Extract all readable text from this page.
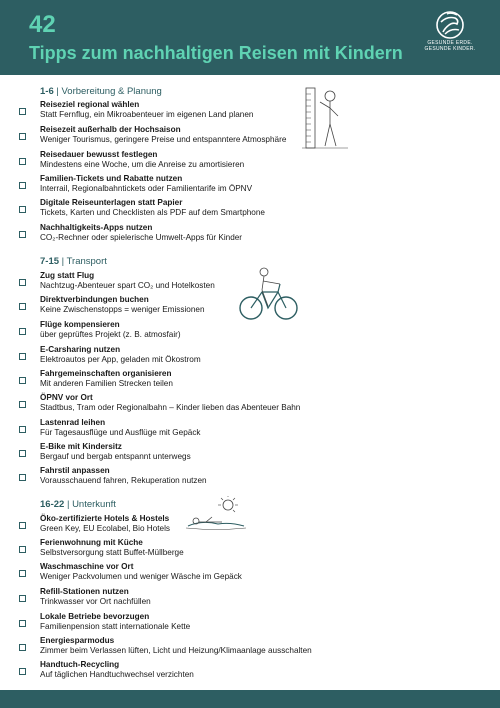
42
Tipps zum nachhaltigen Reisen mit Kindern	GESUNDE ERDE.
GESUNDE KINDER.
1-6 | Vorbereitung & Planung
Reiseziel regional wählen
Statt Fernflug, ein Mikroabenteuer im eigenen Land planen
Reisezeit außerhalb der Hochsaison
Weniger Tourismus, geringere Preise und entspanntere Atmosphäre
Reisedauer bewusst festlegen
Mindestens eine Woche, um die Anreise zu amortisieren
Familien-Tickets und Rabatte nutzen
Interrail, Regionalbahntickets oder Familientarife im ÖPNV
Digitale Reiseunterlagen statt Papier
Tickets, Karten und Checklisten als PDF auf dem Smartphone
Nachhaltigkeits-Apps nutzen
CO₂-Rechner oder spielerische Umwelt-Apps für Kinder
7-15 | Transport
Zug statt Flug
Nachtzug-Abenteuer spart CO₂ und Hotelkosten
Direktverbindungen buchen
Keine Zwischenstopps = weniger Emissionen
Flüge kompensieren
über geprüftes Projekt (z. B. atmosfair)
E-Carsharing nutzen
Elektroautos per App, geladen mit Ökostrom
Fahrgemeinschaften organisieren
Mit anderen Familien Strecken teilen
ÖPNV vor Ort
Stadtbus, Tram oder Regionalbahn – Kinder lieben das Abenteuer Bahn
Lastenrad leihen
Für Tagesausflüge und Ausflüge mit Gepäck
E-Bike mit Kindersitz
Bergauf und bergab entspannt unterwegs
Fahrstil anpassen
Vorausschauend fahren, Rekuperation nutzen
16-22 | Unterkunft
Öko-zertifizierte Hotels & Hostels
Green Key, EU Ecolabel, Bio Hotels
Ferienwohnung mit Küche
Selbstversorgung statt Buffet-Müllberge
Waschmaschine vor Ort
Weniger Packvolumen und weniger Wäsche im Gepäck
Refill-Stationen nutzen
Trinkwasser vor Ort nachfüllen
Lokale Betriebe bevorzugen
Familienpension statt internationale Kette
Energiesparmodus
Zimmer beim Verlassen lüften, Licht und Heizung/Klimaanlage ausschalten
Handtuch-Recycling
Auf täglichen Handtuchwechsel verzichten
